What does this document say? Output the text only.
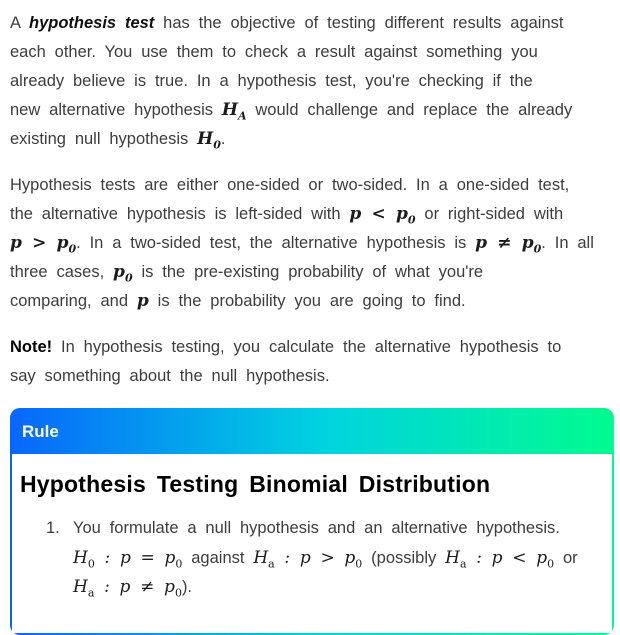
A hypothesis test has the objective of testing different results against
each other. You use them to check a result against something you
already believe is true. In a hypothesis test, you're checking if the
new alternative hypothesis $H_A$ would challenge and replace the already
existing null hypothesis $H_0$.
Hypothesis tests are either one-sided or two-sided. In a one-sided test,
the alternative hypothesis is left-sided with $p < p_0$ or right-sided with
$p > p_0$. In a two-sided test, the alternative hypothesis is $p \ne p_0$. In all
three cases, $p_0$ is the pre-existing probability of what you're
comparing, and p is the probability you are going to find.
Note! In hypothesis testing, you calculate the alternative hypothesis to
say something about the null hypothesis.
Rule
Hypothesis Testing Binomial Distribution
1. You formulate a null hypothesis and an alternative hypothesis.
$H_0$ : $p = p_0$ against $H_a$ : $p > p_0$ (possibly $H_a$ : $p < p_0$ or
$H_a$ : $p \ne p_0$).
